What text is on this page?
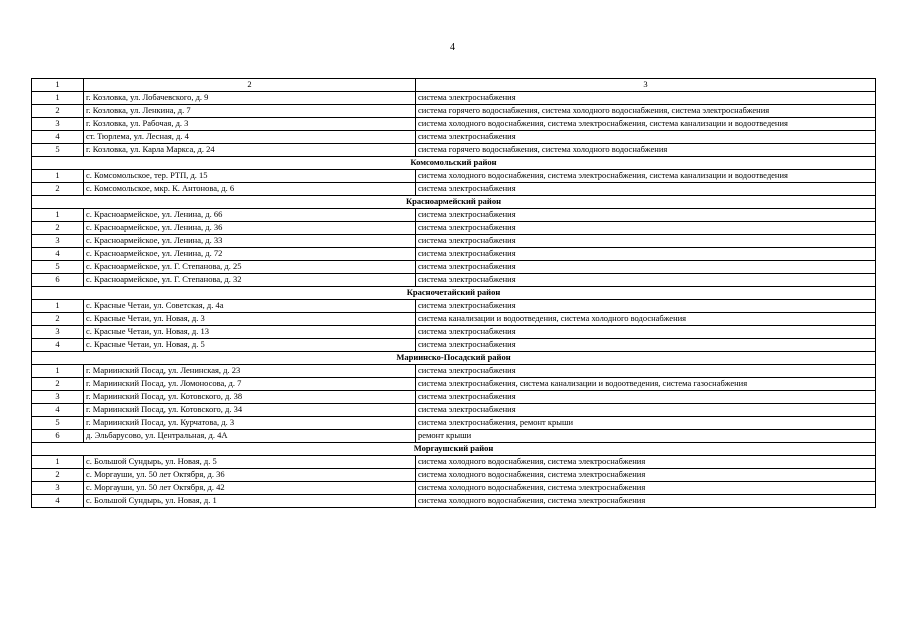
4
1	2	3
1	г. Козловка, ул. Лобачевского, д. 9	система электроснабжения
2	г. Козловка, ул. Ленкина, д. 7	система горячего водоснабжения, система холодного водоснабжения, система электроснабжения
3	г. Козловка, ул. Рабочая, д. 3	система холодного водоснабжения, система электроснабжения, система канализации и водоотведения
4	ст. Тюрлема, ул. Лесная, д. 4	система электроснабжения
5	г. Козловка, ул. Карла Маркса, д. 24	система горячего водоснабжения, система холодного водоснабжения
Комсомольский район		
1	с. Комсомольское, тер. РТП, д. 15	система холодного водоснабжения, система электроснабжения, система канализации и водоотведения
2	с. Комсомольское, мкр. К. Антонова, д. 6	система электроснабжения
Красноармейский район		
1	с. Красноармейское, ул. Ленина, д. 66	система электроснабжения
2	с. Красноармейское, ул. Ленина, д. 36	система электроснабжения
3	с. Красноармейское, ул. Ленина, д. 33	система электроснабжения
4	с. Красноармейское, ул. Ленина, д. 72	система электроснабжения
5	с. Красноармейское, ул. Г. Степанова, д. 25	система электроснабжения
6	с. Красноармейское, ул. Г. Степанова, д. 32	система электроснабжения
Красночетайский район		
1	с. Красные Четаи, ул. Советская, д. 4а	система электроснабжения
2	с. Красные Четаи, ул. Новая, д. 3	система канализации и водоотведения, система холодного водоснабжения
3	с. Красные Четаи, ул. Новая, д. 13	система электроснабжения
4	с. Красные Четаи, ул. Новая, д. 5	система электроснабжения
Мариинско-Посадский район		
1	г. Мариинский Посад, ул. Ленинская, д. 23	система электроснабжения
2	г. Мариинский Посад, ул. Ломоносова, д. 7	система электроснабжения, система канализации и водоотведения, система газоснабжения
3	г. Мариинский Посад, ул. Котовского, д. 38	система электроснабжения
4	г. Мариинский Посад, ул. Котовского, д. 34	система электроснабжения
5	г. Мариинский Посад, ул. Курчатова, д. 3	система электроснабжения, ремонт крыши
6	д. Эльбарусово, ул. Центральная, д. 4А	ремонт крыши
Моргаушский район		
1	с. Большой Сундырь, ул. Новая, д. 5	система холодного водоснабжения, система электроснабжения
2	с. Моргауши, ул. 50 лет Октября, д. 36	система холодного водоснабжения, система электроснабжения
3	с. Моргауши, ул. 50 лет Октября, д. 42	система холодного водоснабжения, система электроснабжения
4	с. Большой Сундырь, ул. Новая, д. 1	система холодного водоснабжения, система электроснабжения
